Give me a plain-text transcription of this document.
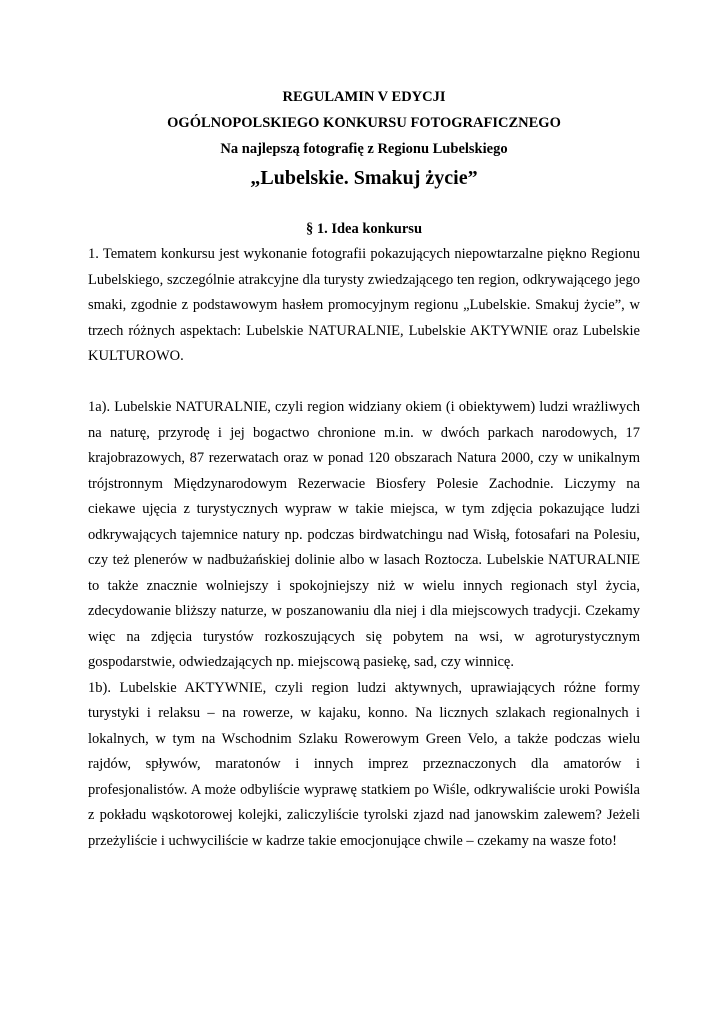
REGULAMIN V EDYCJI
OGÓLNOPOLSKIEGO KONKURSU FOTOGRAFICZNEGO
Na najlepszą fotografię z Regionu Lubelskiego
„Lubelskie. Smakuj życie”
§ 1. Idea konkursu

1. Tematem konkursu jest wykonanie fotografii pokazujących niepowtarzalne piękno Regionu Lubelskiego, szczególnie atrakcyjne dla turysty zwiedzającego ten region, odkrywającego jego smaki, zgodnie z podstawowym hasłem promocyjnym regionu „Lubelskie. Smakuj życie”, w trzech różnych aspektach: Lubelskie NATURALNIE, Lubelskie AKTYWNIE oraz Lubelskie KULTUROWO.

1a). Lubelskie NATURALNIE, czyli region widziany okiem (i obiektywem) ludzi wrażliwych na naturę, przyrodę i jej bogactwo chronione m.in. w dwóch parkach narodowych, 17 krajobrazowych, 87 rezerwatach oraz w ponad 120 obszarach Natura 2000, czy w unikalnym trójstronnym Międzynarodowym Rezerwacie Biosfery Polesie Zachodnie. Liczymy na ciekawe ujęcia z turystycznych wypraw w takie miejsca, w tym zdjęcia pokazujące ludzi odkrywających tajemnice natury np. podczas birdwatchingu nad Wisłą, fotosafari na Polesiu, czy też plenerów w nadbużańskiej dolinie albo w lasach Roztocza. Lubelskie NATURALNIE to także znacznie wolniejszy i spokojniejszy niż w wielu innych regionach styl życia, zdecydowanie bliższy naturze, w poszanowaniu dla niej i dla miejscowych tradycji. Czekamy więc na zdjęcia turystów rozkoszujących się pobytem na wsi, w agroturystycznym gospodarstwie, odwiedzających np. miejscową pasiekę, sad, czy winnicę.

1b). Lubelskie AKTYWNIE, czyli region ludzi aktywnych, uprawiających różne formy turystyki i relaksu – na rowerze, w kajaku, konno. Na licznych szlakach regionalnych i lokalnych, w tym na Wschodnim Szlaku Rowerowym Green Velo, a także podczas wielu rajdów, spływów, maratonów i innych imprez przeznaczonych dla amatorów i profesjonalistów. A może odbyliście wyprawę statkiem po Wiśle, odkrywaliście uroki Powiśla z pokładu wąskotorowej kolejki, zaliczyliście tyrolski zjazd nad janowskim zalewem? Jeżeli przeżyliście i uchwyciliście w kadrze takie emocjonujące chwile – czekamy na wasze foto!
